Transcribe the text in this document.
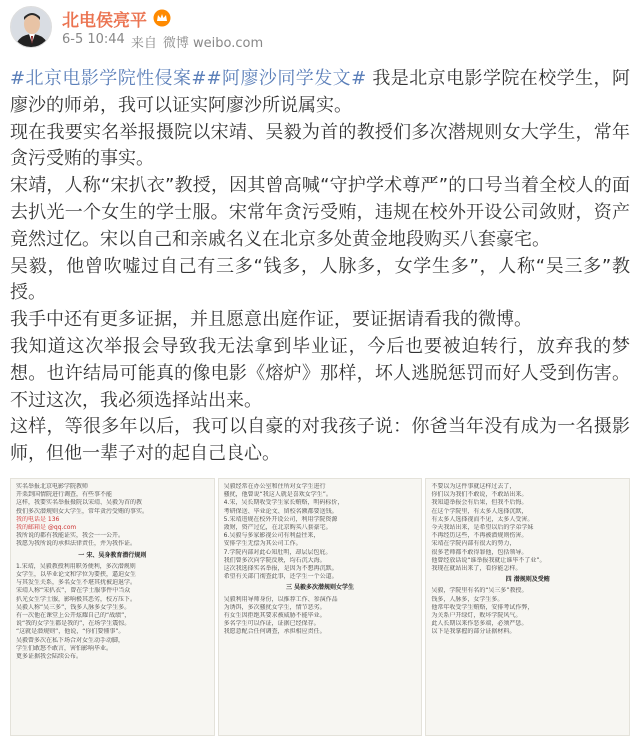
北电侯亮平
6-5 10:44 来自 微博 weibo.com

#北京电影学院性侵案##阿廖沙同学发文# 我是北京电影学院在校学生，阿廖沙的师弟，我可以证实阿廖沙所说属实。

现在我要实名举报摄院以宋靖、吴毅为首的教授们多次潜规则女大学生，常年贪污受贿的事实。

宋靖，人称“宋扒衣”教授，因其曾高喊“守护学术尊严”的口号当着全校人的面去扒光一个女生的学士服。宋常年贪污受贿，违规在校外开设公司敛财，资产竟然过亿。宋以自己和亲戚名义在北京多处黄金地段购买八套豪宅。

吴毅，他曾吹嘘过自己有三多“钱多，人脉多，女学生多”，人称“吴三多”教授。

我手中还有更多证据，并且愿意出庭作证，要证据请看我的微博。

我知道这次举报会导致我无法拿到毕业证，今后也要被迫转行，放弃我的梦想。也许结局可能真的像电影《熔炉》那样，坏人逃脱惩罚而好人受到伤害。不过这次，我必须选择站出来。

这样，等很多年以后，我可以自豪的对我孩子说：你爸当年没有成为一名摄影师，但他一辈子对的起自己良心。

实名举报北京电影学院教师
开栗到国情院进行调查，有些事不能
这样，我要实名举报摄院以宋靖、吴毅为首的教
授们多次潜规则女大学生，常年贪污受贿的事实。
我的电话是 136
我的邮箱是 @qq.com
我所说的都有我能证实，我会一一公开。
我愿为我所说的承担法律责任，并为我作证。
一 宋、吴身教育潜行规则
1.宋靖，吴毅教授利用职务便利，多次潜规则
女学生，以毕业论文和学位为要挟，逼迫女生
与其发生关系，多名女生不堪其扰被迫退学。
宋靖人称“宋扒衣”，曾在学士服事件中当众
扒光女生学士服，影响极其恶劣，校方压下。
吴毅人称“吴三多”，钱多人脉多女学生多。
有一次他在课堂上公开炫耀自己的“战绩”，
说“我的女学生都是我的”，在场学生震惊。
“这就是潜规则”，他说，“你们要懂事”。
吴毅曾多次在私下场合对女生动手动脚，
学生们敢怒不敢言，害怕影响毕业。
更多证据我会陆续公布。
吴毅经常在办公室和住所对女学生进行
骚扰，他曾说“我这人就是喜欢女学生”。
4.宋，吴长期收受学生家长贿赂，明码标价，
考研保送、毕业论文、留校名额都要送钱。
5.宋靖违规在校外开设公司，利用学院资源
敛财，资产过亿，在北京购买八套豪宅。
6.吴毅与多家影视公司有利益往来，
安排学生无偿为其公司工作。
7.学院内部对此心知肚明，却层层包庇。
我们曾多次向学院反映，均石沉大海。
这次我选择实名举报，是因为不想再沉默。
希望有关部门彻查此事，还学生一个公道。
三 吴毅多次潜规则女学生
吴毅利用导师身份，以推荐工作、参演作品
为诱饵，多次骚扰女学生，情节恶劣。
有女生因拒绝其要求被威胁不能毕业。
多名学生可以作证，证据已经保存。
我愿意配合任何调查，承担相应责任。
不要以为这件事就这样过去了，
你们以为我们不敢说，不敢站出来。
我知道举报会有后果，但我不后悔。
在这个学院里，有太多人选择沉默，
有太多人选择视而不见，太多人受害。
今天我站出来，是希望以后的学弟学妹
不再经历这些，不再被潜规则伤害。
宋靖在学院内部有很大的势力，
很多老师都不敢得罪他，包括领导。
他曾经放话说“谁举报我就让谁毕不了业”。
我现在就站出来了，看你能怎样。
四 潜规则及受贿
吴毅，学院里有名的“吴三多”教授。
钱多，人脉多，女学生多。
他常年收受学生贿赂，安排考试作弊，
为关系户开绿灯，败坏学院风气。
此人长期以来作恶多端，必须严惩。
以下是我掌握的部分证据材料。
